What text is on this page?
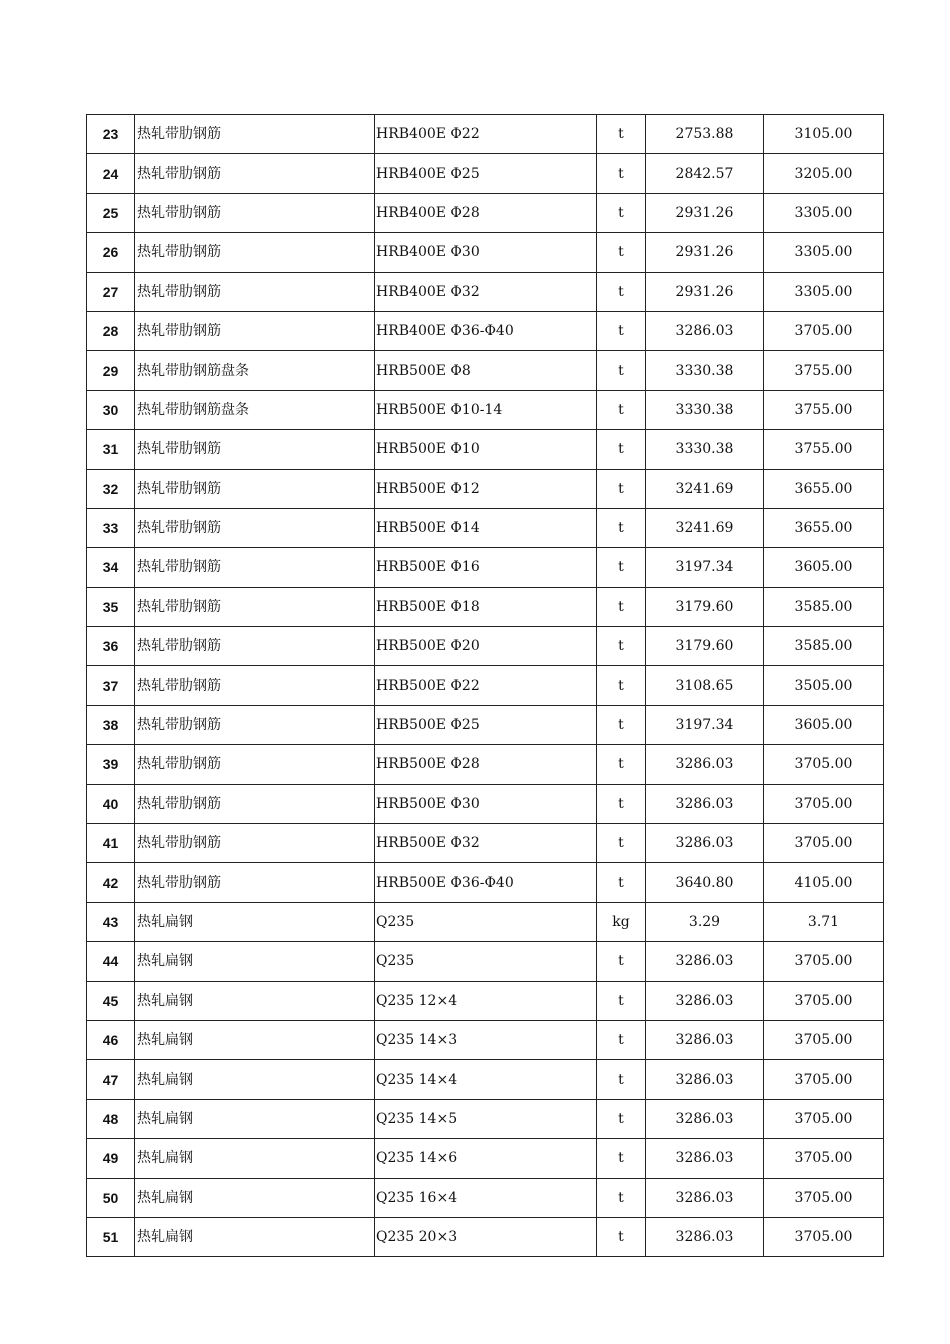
23	热轧带肋钢筋	HRB400E Φ22	t	2753.88	3105.00
24	热轧带肋钢筋	HRB400E Φ25	t	2842.57	3205.00
25	热轧带肋钢筋	HRB400E Φ28	t	2931.26	3305.00
26	热轧带肋钢筋	HRB400E Φ30	t	2931.26	3305.00
27	热轧带肋钢筋	HRB400E Φ32	t	2931.26	3305.00
28	热轧带肋钢筋	HRB400E Φ36-Φ40	t	3286.03	3705.00
29	热轧带肋钢筋盘条	HRB500E Φ8	t	3330.38	3755.00
30	热轧带肋钢筋盘条	HRB500E Φ10-14	t	3330.38	3755.00
31	热轧带肋钢筋	HRB500E Φ10	t	3330.38	3755.00
32	热轧带肋钢筋	HRB500E Φ12	t	3241.69	3655.00
33	热轧带肋钢筋	HRB500E Φ14	t	3241.69	3655.00
34	热轧带肋钢筋	HRB500E Φ16	t	3197.34	3605.00
35	热轧带肋钢筋	HRB500E Φ18	t	3179.60	3585.00
36	热轧带肋钢筋	HRB500E Φ20	t	3179.60	3585.00
37	热轧带肋钢筋	HRB500E Φ22	t	3108.65	3505.00
38	热轧带肋钢筋	HRB500E Φ25	t	3197.34	3605.00
39	热轧带肋钢筋	HRB500E Φ28	t	3286.03	3705.00
40	热轧带肋钢筋	HRB500E Φ30	t	3286.03	3705.00
41	热轧带肋钢筋	HRB500E Φ32	t	3286.03	3705.00
42	热轧带肋钢筋	HRB500E Φ36-Φ40	t	3640.80	4105.00
43	热轧扁钢	Q235	kg	3.29	3.71
44	热轧扁钢	Q235	t	3286.03	3705.00
45	热轧扁钢	Q235 12×4	t	3286.03	3705.00
46	热轧扁钢	Q235 14×3	t	3286.03	3705.00
47	热轧扁钢	Q235 14×4	t	3286.03	3705.00
48	热轧扁钢	Q235 14×5	t	3286.03	3705.00
49	热轧扁钢	Q235 14×6	t	3286.03	3705.00
50	热轧扁钢	Q235 16×4	t	3286.03	3705.00
51	热轧扁钢	Q235 20×3	t	3286.03	3705.00
